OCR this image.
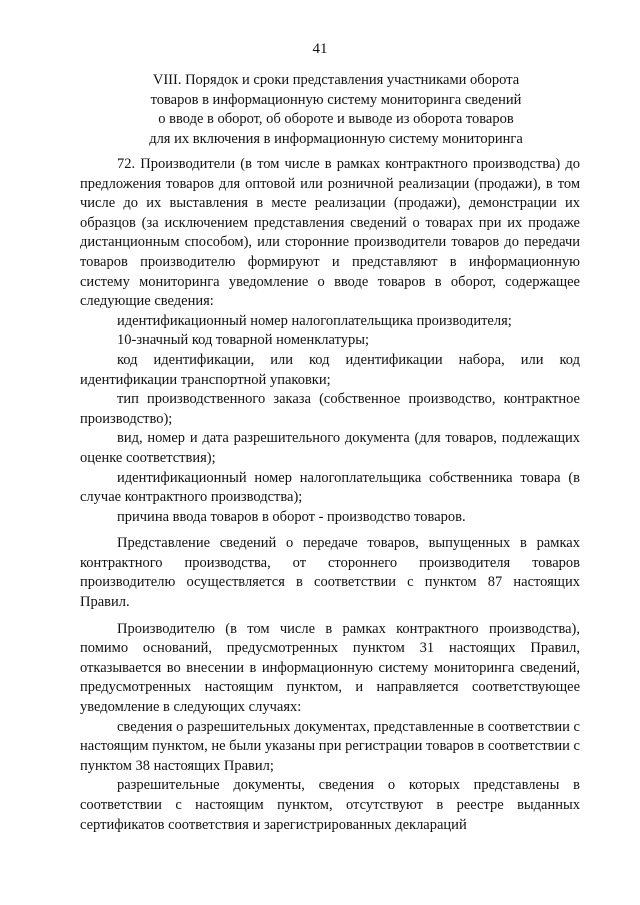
41
VIII. Порядок и сроки представления участниками оборота
товаров в информационную систему мониторинга сведений
о вводе в оборот, об обороте и выводе из оборота товаров
для их включения в информационную систему мониторинга

72. Производители (в том числе в рамках контрактного производства) до предложения товаров для оптовой или розничной реализации (продажи), в том числе до их выставления в месте реализации (продажи), демонстрации их образцов (за исключением представления сведений о товарах при их продаже дистанционным способом), или сторонние производители товаров до передачи товаров производителю формируют и представляют в информационную систему мониторинга уведомление о вводе товаров в оборот, содержащее следующие сведения:

идентификационный номер налогоплательщика производителя;

10-значный код товарной номенклатуры;

код идентификации, или код идентификации набора, или код идентификации транспортной упаковки;

тип производственного заказа (собственное производство, контрактное производство);

вид, номер и дата разрешительного документа (для товаров, подлежащих оценке соответствия);

идентификационный номер налогоплательщика собственника товара (в случае контрактного производства);

причина ввода товаров в оборот - производство товаров.

Представление сведений о передаче товаров, выпущенных в рамках контрактного производства, от стороннего производителя товаров производителю осуществляется в соответствии с пунктом 87 настоящих Правил.

Производителю (в том числе в рамках контрактного производства), помимо оснований, предусмотренных пунктом 31 настоящих Правил, отказывается во внесении в информационную систему мониторинга сведений, предусмотренных настоящим пунктом, и направляется соответствующее уведомление в следующих случаях:

сведения о разрешительных документах, представленные в соответствии с настоящим пунктом, не были указаны при регистрации товаров в соответствии с пунктом 38 настоящих Правил;

разрешительные документы, сведения о которых представлены в соответствии с настоящим пунктом, отсутствуют в реестре выданных сертификатов соответствия и зарегистрированных деклараций
